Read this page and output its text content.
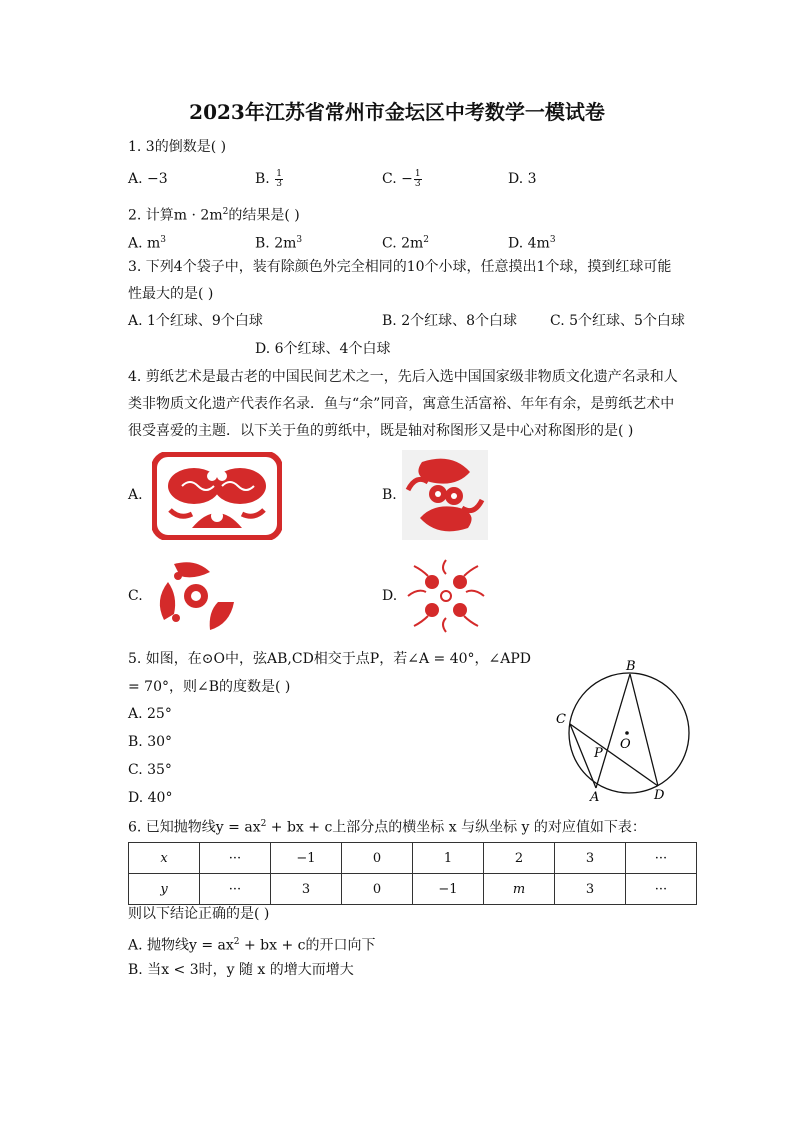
2023年江苏省常州市金坛区中考数学一模试卷
1. 3的倒数是( )
A. −3	B. $\frac{1}{3}$	C. − $\frac{1}{3}$	D. 3
2. 计算$m \cdot 2m^2$的结果是( )
A. $m^3$	B. $2m^3$	C. $2m^2$	D. $4m^3$
3. 下列4个袋子中，装有除颜色外完全相同的10个小球，任意摸出1个球，摸到红球可能
性最大的是( )
A. 1个红球、9个白球	B. 2个红球、8个白球 C. 5个红球、5个白球
D. 6个红球、4个白球
4. 剪纸艺术是最古老的中国民间艺术之一，先后入选中国国家级非物质文化遗产名录和人
类非物质文化遗产代表作名录．鱼与“余”同音，寓意生活富裕、年年有余，是剪纸艺术中
很受喜爱的主题．以下关于鱼的剪纸中，既是轴对称图形又是中心对称图形的是( )
A.	B.
C.	D.
5. 如图，在⊙O中，弦AB,CD相交于点P，若∠A = 40°，∠APD
= 70°，则∠B的度数是( )
A. 25°
B. 30°
C. 35°
D. 40°
B
C
O
P
A	D
6. 已知抛物线$y = ax^2$ + bx + c上部分点的横坐标 x 与纵坐标 y 的对应值如下表：
x	···	−1	0	1	2	3	···
y	···	3	0	−1	m	3	···
则以下结论正确的是( )
A. 抛物线$y = ax^2$ + bx + c的开口向下
B. 当x < 3时，y 随 x 的增大而增大
